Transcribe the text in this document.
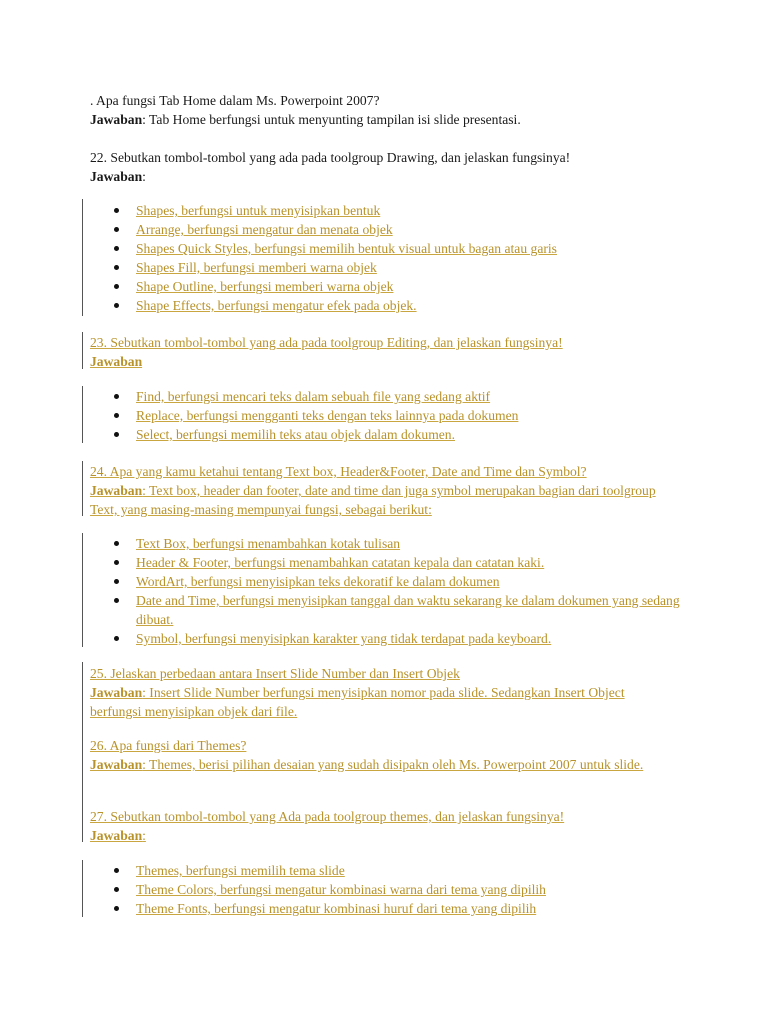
. Apa fungsi Tab Home dalam Ms. Powerpoint 2007?
Jawaban: Tab Home berfungsi untuk menyunting tampilan isi slide presentasi.
22. Sebutkan tombol-tombol yang ada pada toolgroup Drawing, dan jelaskan fungsinya!
Jawaban:
Shapes, berfungsi untuk menyisipkan bentuk
Arrange, berfungsi mengatur dan menata objek
Shapes Quick Styles, berfungsi memilih bentuk visual untuk bagan atau garis
Shapes Fill, berfungsi memberi warna objek
Shape Outline, berfungsi memberi warna objek
Shape Effects, berfungsi mengatur efek pada objek.
23. Sebutkan tombol-tombol yang ada pada toolgroup Editing, dan jelaskan fungsinya!
Jawaban
Find, berfungsi mencari teks dalam sebuah file yang sedang aktif
Replace, berfungsi mengganti teks dengan teks lainnya pada dokumen
Select, berfungsi memilih teks atau objek dalam dokumen.
24. Apa yang kamu ketahui tentang Text box, Header&Footer, Date and Time dan Symbol?
Jawaban: Text box, header dan footer, date and time dan juga symbol merupakan bagian dari toolgroup Text, yang masing-masing mempunyai fungsi, sebagai berikut:
Text Box, berfungsi menambahkan kotak tulisan
Header & Footer, berfungsi menambahkan catatan kepala dan catatan kaki.
WordArt, berfungsi menyisipkan teks dekoratif ke dalam dokumen
Date and Time, berfungsi menyisipkan tanggal dan waktu sekarang ke dalam dokumen yang sedang dibuat.
Symbol, berfungsi menyisipkan karakter yang tidak terdapat pada keyboard.
25. Jelaskan perbedaan antara Insert Slide Number dan Insert Objek
Jawaban: Insert Slide Number berfungsi menyisipkan nomor pada slide. Sedangkan Insert Object berfungsi menyisipkan objek dari file.
26. Apa fungsi dari Themes?
Jawaban: Themes, berisi pilihan desaian yang sudah disipakn oleh Ms. Powerpoint 2007 untuk slide.
27. Sebutkan tombol-tombol yang Ada pada toolgroup themes, dan jelaskan fungsinya!
Jawaban:
Themes, berfungsi memilih tema slide
Theme Colors, berfungsi mengatur kombinasi warna dari tema yang dipilih
Theme Fonts, berfungsi mengatur kombinasi huruf dari tema yang dipilih
